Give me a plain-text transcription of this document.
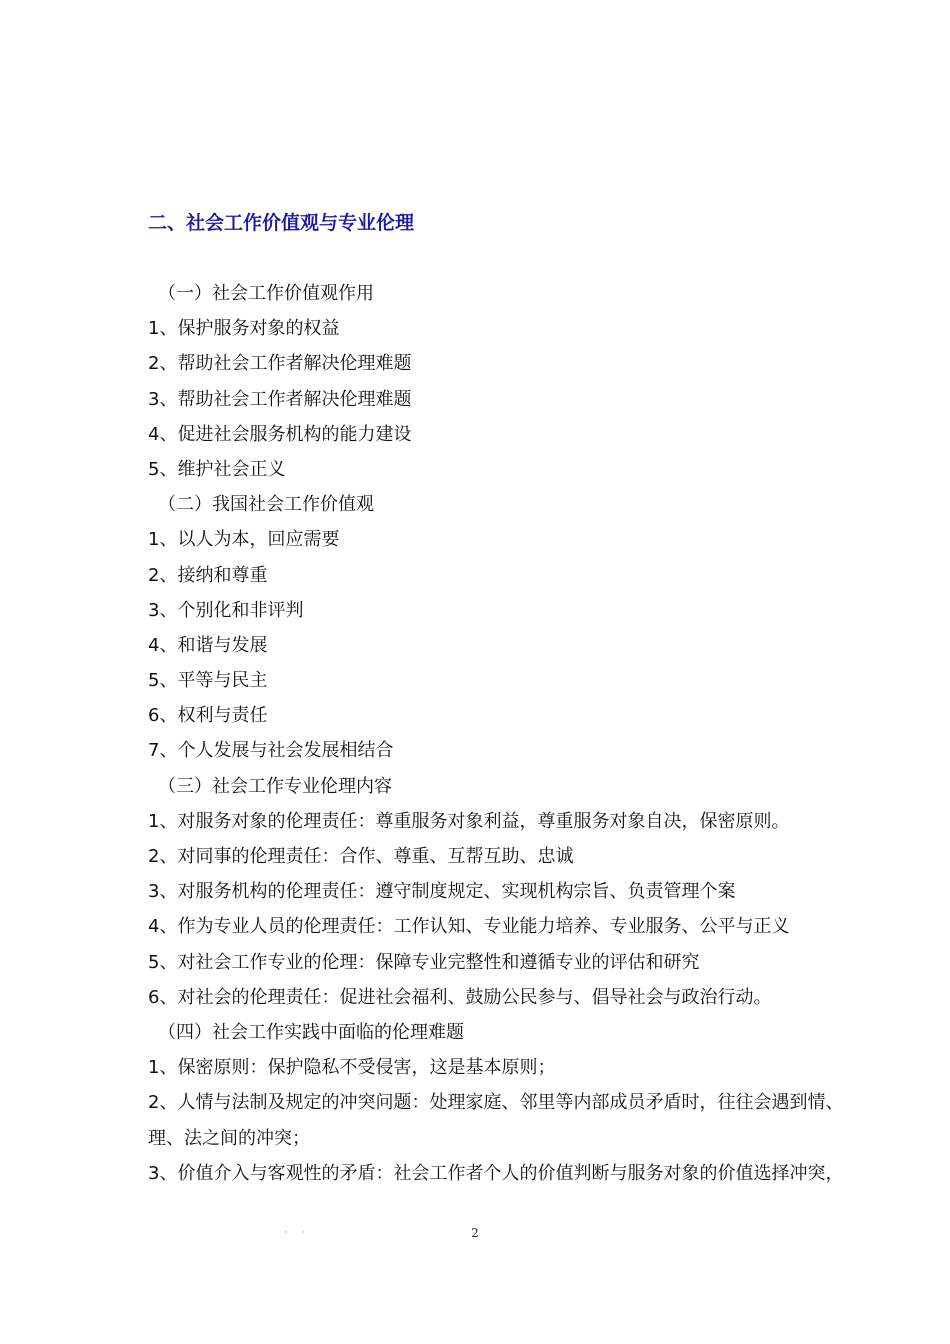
二、社会工作价值观与专业伦理
（一）社会工作价值观作用
1、保护服务对象的权益
2、帮助社会工作者解决伦理难题
3、帮助社会工作者解决伦理难题
4、促进社会服务机构的能力建设
5、维护社会正义
（二）我国社会工作价值观
1、以人为本，回应需要
2、接纳和尊重
3、个别化和非评判
4、和谐与发展
5、平等与民主
6、权利与责任
7、个人发展与社会发展相结合
（三）社会工作专业伦理内容
1、对服务对象的伦理责任：尊重服务对象利益，尊重服务对象自决，保密原则。
2、对同事的伦理责任：合作、尊重、互帮互助、忠诚
3、对服务机构的伦理责任：遵守制度规定、实现机构宗旨、负责管理个案
4、作为专业人员的伦理责任：工作认知、专业能力培养、专业服务、公平与正义
5、对社会工作专业的伦理：保障专业完整性和遵循专业的评估和研究
6、对社会的伦理责任：促进社会福利、鼓励公民参与、倡导社会与政治行动。
（四）社会工作实践中面临的伦理难题
1、保密原则：保护隐私不受侵害，这是基本原则；
2、人情与法制及规定的冲突问题：处理家庭、邻里等内部成员矛盾时，往往会遇到情、
理、法之间的冲突；
3、价值介入与客观性的矛盾：社会工作者个人的价值判断与服务对象的价值选择冲突，
· ·	2
